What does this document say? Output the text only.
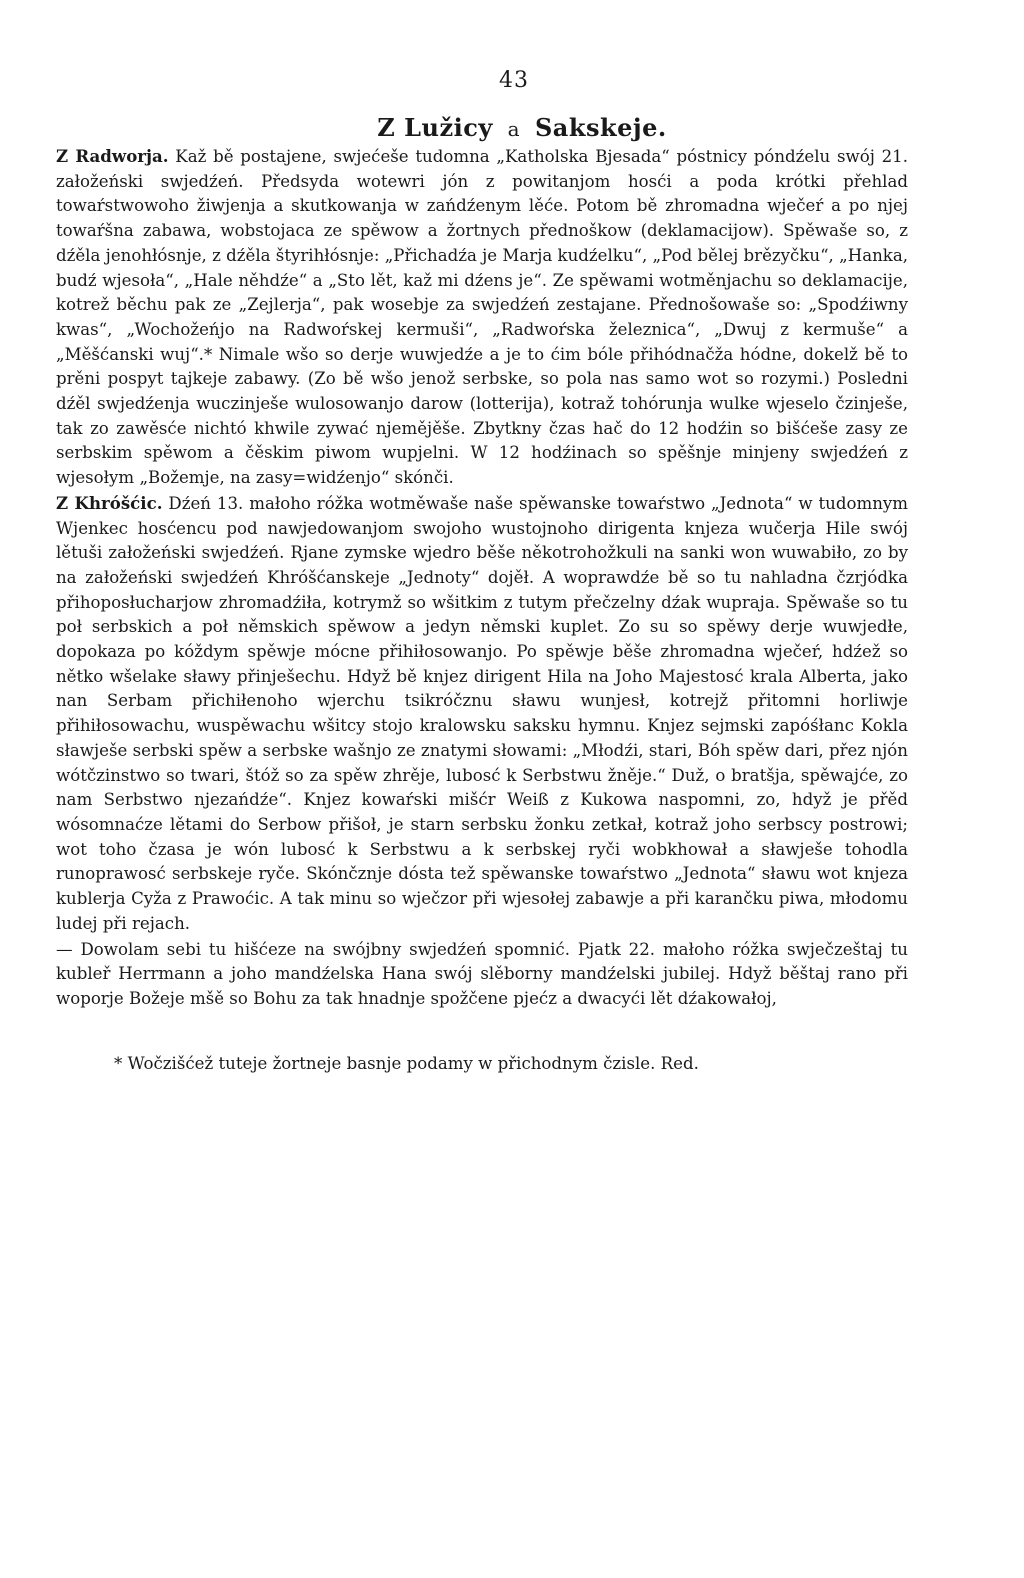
43
Z Lužicy a Sakskeje.

Z Radworja. Kaž bě postajene, swjećeše tudomna „Katholska Bjesada“ póstnicy póndźelu swój 21. załožeński swjedźeń. Předsyda wotewri jón z powitanjom hosći a poda krótki přehlad towaŕstwowoho žiwjenja a skutkowanja w zańdźenym lěće. Potom bě zhromadna wječeŕ a po njej towaŕšna zabawa, wobstojaca ze spěwow a žortnych přednoškow (deklamacijow). Spěwaše so, z dźěla jenohłósnje, z dźěla štyrihłósnje: „Přichadźa je Marja kudźelku“, „Pod bělej brězyčku“, „Hanka, budź wjesoła“, „Hale něhdźe“ a „Sto lět, kaž mi dźens je“. Ze spěwami wotměnjachu so deklamacije, kotrež běchu pak ze „Zejlerja“, pak wosebje za swjedźeń zestajane. Přednošowaše so: „Spodźiwny kwas“, „Wochožeńjo na Radwoŕskej kermuši“, „Radwoŕska železnica“, „Dwuj z kermuše“ a „Měšćanski wuj“.* Nimale wšo so derje wuwjedźe a je to ćim bóle přihódnačža hódne, dokelž bě to prěni pospyt tajkeje zabawy. (Zo bě wšo jenož serbske, so pola nas samo wot so rozymi.) Posledni dźěl swjedźenja wuczinješe wulosowanjo darow (lotterija), kotraž tohórunja wulke wjeselo čzinješe, tak zo zawěsće nichtó khwile zywać njemějěše. Zbytkny čzas hač do 12 hodźin so bišćeše zasy ze serbskim spěwom a čěskim piwom wupjelni. W 12 hodźinach so spěšnje minjeny swjedźeń z wjesołym „Božemje, na zasy=widźenjo“ skónči.

Z Khróšćic. Dźeń 13. małoho róžka wotměwaše naše spěwanske towaŕstwo „Jednota“ w tudomnym Wjenkec hosćencu pod nawjedowanjom swojoho wustojnoho dirigenta knjeza wučerja Hile swój lětuši załožeński swjedźeń. Rjane zymske wjedro běše někotrohožkuli na sanki won wuwabiło, zo by na załožeński swjedźeń Khróšćanskeje „Jednoty“ dojěł. A woprawdźe bě so tu nahladna čzrjódka přihoposłucharjow zhromadźiła, kotrymž so wšitkim z tutym přečzelny dźak wupraja. Spěwaše so tu poł serbskich a poł němskich spěwow a jedyn němski kuplet. Zo su so spěwy derje wuwjedłe, dopokaza po kóždym spěwje mócne přihiłosowanjo. Po spěwje běše zhromadna wječeŕ, hdźež so nětko wšelake sławy přinješechu. Hdyž bě knjez dirigent Hila na Joho Majestosć krala Alberta, jako nan Serbam přichiłenoho wjerchu tsikróčznu sławu wunjesł, kotrejž přitomni horliwje přihiłosowachu, wuspěwachu wšitcy stojo kralowsku saksku hymnu. Knjez sejmski zapóśłanc Kokla sławješe serbski spěw a serbske wašnjo ze znatymi słowami: „Młodźi, stari, Bóh spěw dari, přez njón wótčzinstwo so twari, štóž so za spěw zhrěje, lubosć k Serbstwu žněje.“ Duž, o bratšja, spěwajće, zo nam Serbstwo njezańdźe“. Knjez kowaŕski mišćr Weiß z Kukowa naspomni, zo, hdyž je přěd wósomnaćze lětami do Serbow přišoł, je starn serbsku žonku zetkał, kotraž joho serbscy postrowi; wot toho čzasa je wón lubosć k Serbstwu a k serbskej ryči wobkhował a sławješe tohodla runoprawosć serbskeje ryče. Skónčznje dósta tež spěwanske towaŕstwo „Jednota“ sławu wot knjeza kublerja Cyža z Prawoćic. A tak minu so wječzor při wjesołej zabawje a při karančku piwa, młodomu ludej při rejach.

— Dowolam sebi tu hišćeze na swójbny swjedźeń spomnić. Pjatk 22. małoho róžka swječzeštaj tu kubleř Herrmann a joho mandźelska Hana swój slěborny mandźelski jubilej. Hdyž běštaj rano při woporje Božeje mšě so Bohu za tak hnadnje spožčene pjećz a dwacyći lět dźakowałoj,

* Wočzišćež tuteje žortneje basnje podamy w přichodnym čzisle. Red.
